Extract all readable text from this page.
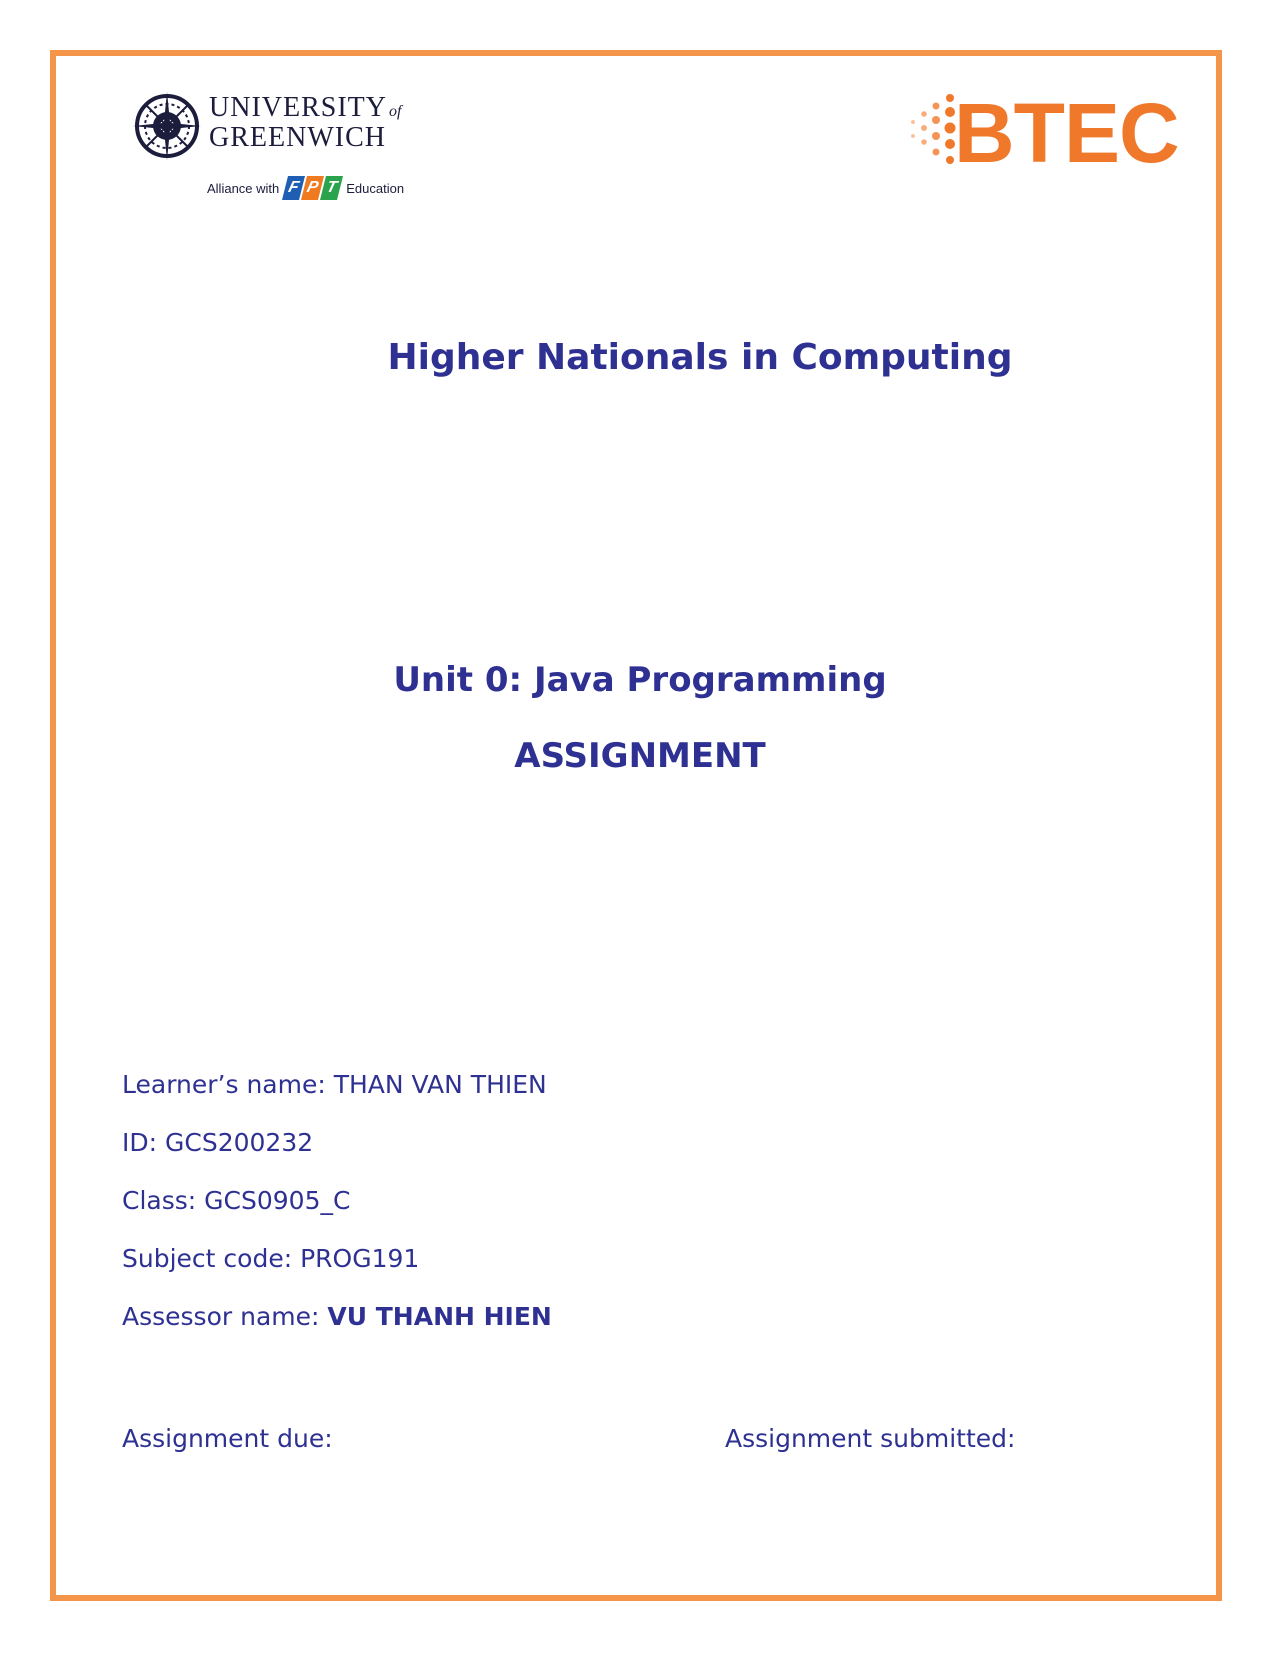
UNIVERSITY of
GREENWICH
Alliance with F P T Education
BTEC
Higher Nationals in Computing
Unit 0: Java Programming
ASSIGNMENT
Learner’s name: THAN VAN THIEN
ID: GCS200232
Class: GCS0905_C
Subject code: PROG191
Assessor name: VU THANH HIEN
Assignment due:	Assignment submitted:
